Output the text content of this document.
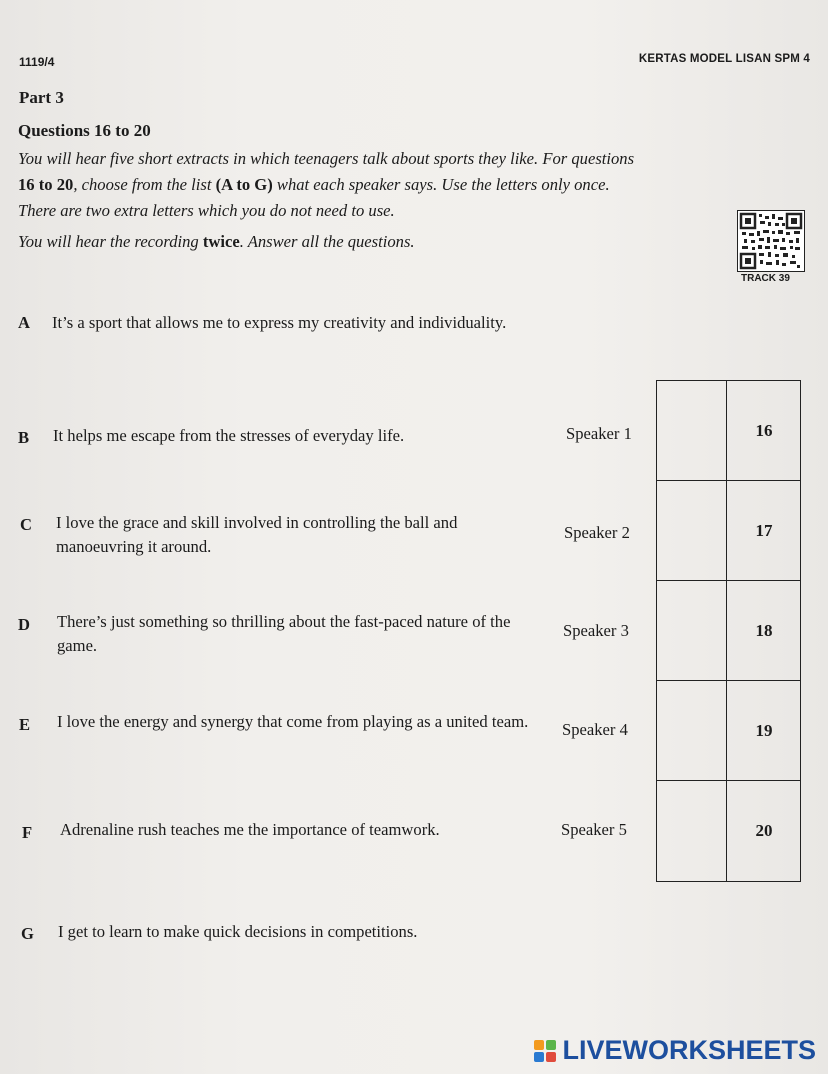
1119/4	KERTAS MODEL LISAN SPM 4
Part 3
Questions 16 to 20
You will hear five short extracts in which teenagers talk about sports they like. For questions
16 to 20, choose from the list (A to G) what each speaker says. Use the letters only once.
There are two extra letters which you do not need to use.
You will hear the recording twice. Answer all the questions.
TRACK 39

A It’s a sport that allows me to express my creativity and individuality.
B It helps me escape from the stresses of everyday life.
C I love the grace and skill involved in controlling the ball and manoeuvring it around.
D There’s just something so thrilling about the fast-paced nature of the game.
E I love the energy and synergy that come from playing as a united team.
F Adrenaline rush teaches me the importance of teamwork.
G I get to learn to make quick decisions in competitions.
Speaker 1
Speaker 2
Speaker 3
Speaker 4
Speaker 5
16
17
18
19
20
LIVEWORKSHEETS
